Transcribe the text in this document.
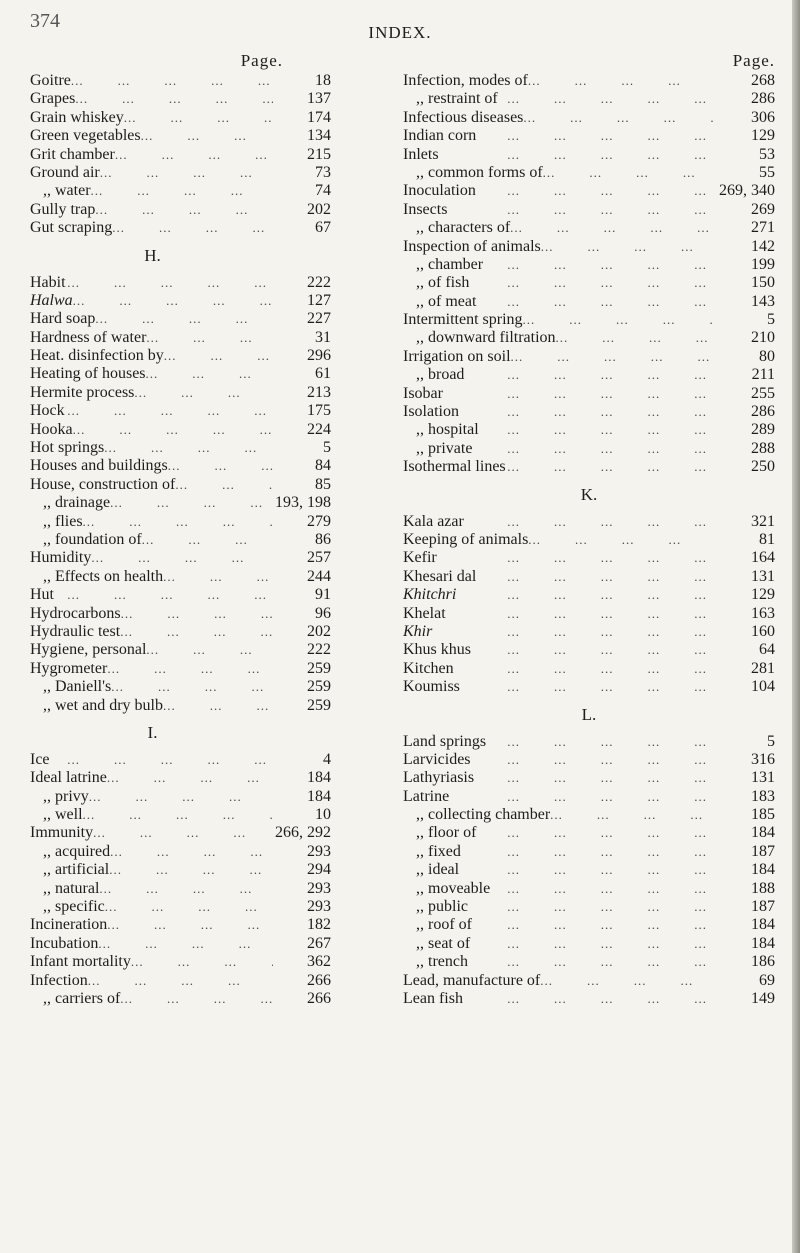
374
INDEX.
Page.
Goitre ...	18
Grapes ...	137
Grain whiskey ...	174
Green vegetables ...	134
Grit chamber ...	215
Ground air ...	73
,, water ...	74
Gully trap ...	202
Gut scraping ...	67
H.
Habit ...	222
Halwa ...	127
Hard soap ...	227
Hardness of water ...	31
Heat. disinfection by ...	296
Heating of houses ...	61
Hermite process ...	213
Hock ...	175
Hooka ...	224
Hot springs ...	5
Houses and buildings ...	84
House, construction of ...	85
,, drainage ...	193, 198
,, flies ...	279
,, foundation of ...	86
Humidity ...	257
,, Effects on health ...	244
Hut ...	91
Hydrocarbons ...	96
Hydraulic test ...	202
Hygiene, personal ...	222
Hygrometer ...	259
,, Daniell's ...	259
,, wet and dry bulb ...	259
I.
Ice ...	4
Ideal latrine ...	184
,, privy ...	184
,, well ...	10
Immunity ...	266, 292
,, acquired ...	293
,, artificial ...	294
,, natural ...	293
,, specific ...	293
Incineration ...	182
Incubation ...	267
Infant mortality ...	362
Infection ...	266
,, carriers of ...	266
Page.
Infection, modes of ...	268
,, restraint of ...	286
Infectious diseases ...	306
Indian corn ...	129
Inlets ...	53
,, common forms of ...	55
Inoculation ...	269, 340
Insects ...	269
,, characters of ...	271
Inspection of animals ...	142
,, chamber ...	199
,, of fish ...	150
,, of meat ...	143
Intermittent spring ...	5
,, downward filtration ...	210
Irrigation on soil ...	80
,, broad ...	211
Isobar ...	255
Isolation ...	286
,, hospital ...	289
,, private ...	288
Isothermal lines ...	250
K.
Kala azar ...	321
Keeping of animals ...	81
Kefir ...	164
Khesari dal ...	131
Khitchri ...	129
Khelat ...	163
Khir ...	160
Khus khus ...	64
Kitchen ...	281
Koumiss ...	104
L.
Land springs ...	5
Larvicides ...	316
Lathyriasis ...	131
Latrine ...	183
,, collecting chamber ...	185
,, floor of ...	184
,, fixed ...	187
,, ideal ...	184
,, moveable ...	188
,, public ...	187
,, roof of ...	184
,, seat of ...	184
,, trench ...	186
Lead, manufacture of ...	69
Lean fish ...	149
